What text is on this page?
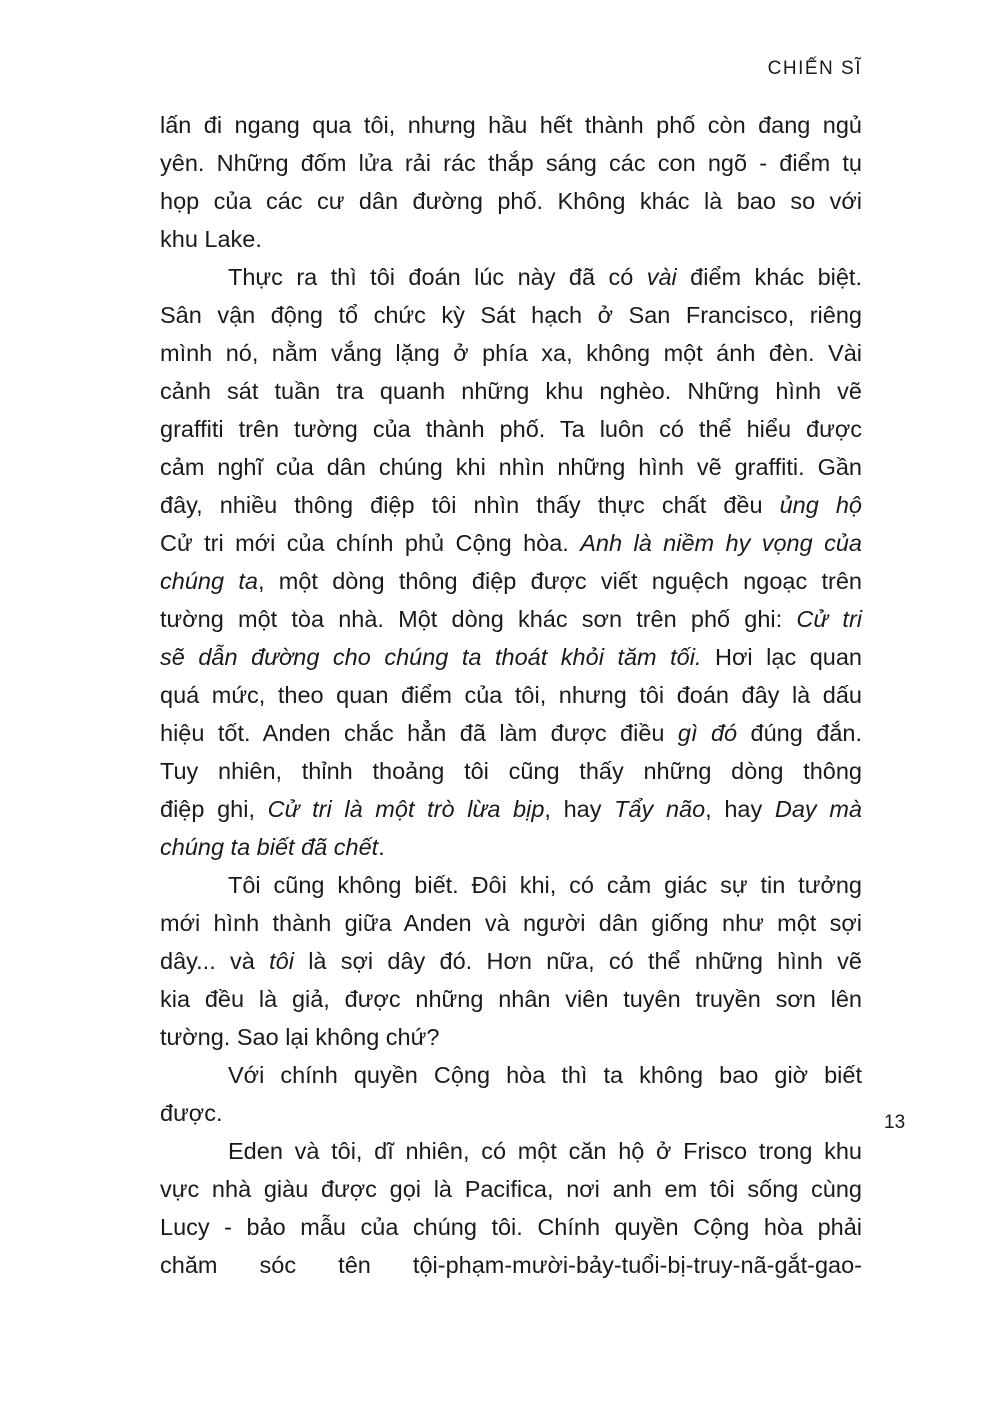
CHIẾN SĨ
lấn đi ngang qua tôi, nhưng hầu hết thành phố còn đang ngủ
yên. Những đốm lửa rải rác thắp sáng các con ngõ - điểm tụ
họp của các cư dân đường phố. Không khác là bao so với
khu Lake.
Thực ra thì tôi đoán lúc này đã có vài điểm khác biệt.
Sân vận động tổ chức kỳ Sát hạch ở San Francisco, riêng
mình nó, nằm vắng lặng ở phía xa, không một ánh đèn. Vài
cảnh sát tuần tra quanh những khu nghèo. Những hình vẽ
graffiti trên tường của thành phố. Ta luôn có thể hiểu được
cảm nghĩ của dân chúng khi nhìn những hình vẽ graffiti. Gần
đây, nhiều thông điệp tôi nhìn thấy thực chất đều ủng hộ
Cử tri mới của chính phủ Cộng hòa. Anh là niềm hy vọng của
chúng ta, một dòng thông điệp được viết nguệch ngoạc trên
tường một tòa nhà. Một dòng khác sơn trên phố ghi: Cử tri
sẽ dẫn đường cho chúng ta thoát khỏi tăm tối. Hơi lạc quan
quá mức, theo quan điểm của tôi, nhưng tôi đoán đây là dấu
hiệu tốt. Anden chắc hẳn đã làm được điều gì đó đúng đắn.
Tuy nhiên, thỉnh thoảng tôi cũng thấy những dòng thông
điệp ghi, Cử tri là một trò lừa bịp, hay Tẩy não, hay Day mà
chúng ta biết đã chết.
Tôi cũng không biết. Đôi khi, có cảm giác sự tin tưởng
mới hình thành giữa Anden và người dân giống như một sợi
dây... và tôi là sợi dây đó. Hơn nữa, có thể những hình vẽ
kia đều là giả, được những nhân viên tuyên truyền sơn lên
tường. Sao lại không chứ?
Với chính quyền Cộng hòa thì ta không bao giờ biết
được.
Eden và tôi, dĩ nhiên, có một căn hộ ở Frisco trong khu
vực nhà giàu được gọi là Pacifica, nơi anh em tôi sống cùng
Lucy - bảo mẫu của chúng tôi. Chính quyền Cộng hòa phải
chăm sóc tên tội-phạm-mười-bảy-tuổi-bị-truy-nã-gắt-gao-
13
